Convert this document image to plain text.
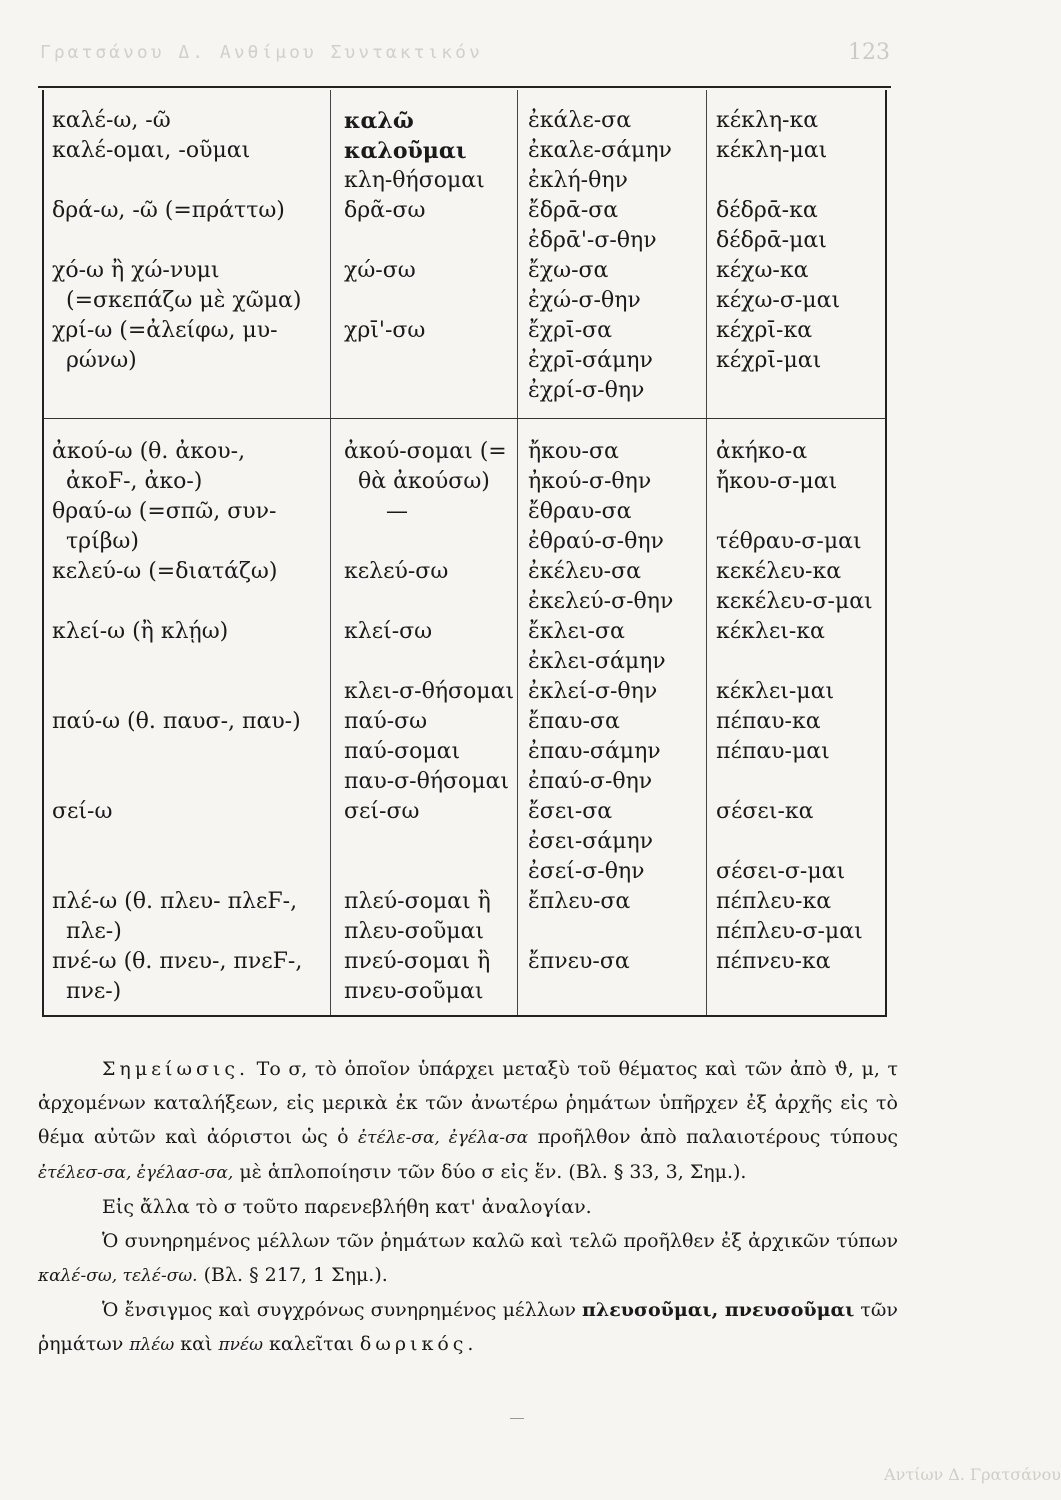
Γρατσάνου Δ. Ανθίμου Συντακτικόν	123
καλέ-ω, -ῶ
καλέ-ομαι, -οῦμαι
δρά-ω, -ῶ (=πράττω)
χό-ω ἢ χώ-νυμι
(=σκεπάζω μὲ χῶμα)
χρί-ω (=ἀλείφω, μυ-
ρώνω)
καλῶ
καλοῦμαι
κλη-θήσομαι
δρᾶ-σω
χώ-σω
χρῑ'-σω
ἐκάλε-σα
ἐκαλε-σάμην
ἐκλή-θην
ἔδρᾱ-σα
ἐδρᾱ'-σ-θην
ἔχω-σα
ἐχώ-σ-θην
ἔχρῑ-σα
ἐχρῑ-σάμην
ἐχρί-σ-θην
κέκλη-κα
κέκλη-μαι
δέδρᾱ-κα
δέδρᾱ-μαι
κέχω-κα
κέχω-σ-μαι
κέχρῑ-κα
κέχρῑ-μαι
ἀκού-ω (θ. ἀκου-,
ἀκοϜ-, ἀκο-)
θραύ-ω (=σπῶ, συν-
τρίβω)
κελεύ-ω (=διατάζω)
κλεί-ω (ἢ κλῄω)
παύ-ω (θ. παυσ-, παυ-)
σεί-ω
πλέ-ω (θ. πλευ- πλεϜ-,
πλε-)
πνέ-ω (θ. πνευ-, πνεϜ-,
πνε-)
ἀκού-σομαι (=
θὰ ἀκούσω)
—
κελεύ-σω
κλεί-σω
κλει-σ-θήσομαι
παύ-σω
παύ-σομαι
παυ-σ-θήσομαι
σεί-σω
πλεύ-σομαι ἢ
πλευ-σοῦμαι
πνεύ-σομαι ἢ
πνευ-σοῦμαι
ἤκου-σα
ἠκού-σ-θην
ἔθραυ-σα
ἐθραύ-σ-θην
ἐκέλευ-σα
ἐκελεύ-σ-θην
ἔκλει-σα
ἐκλει-σάμην
ἐκλεί-σ-θην
ἔπαυ-σα
ἐπαυ-σάμην
ἐπαύ-σ-θην
ἔσει-σα
ἐσει-σάμην
ἐσεί-σ-θην
ἔπλευ-σα
ἔπνευ-σα
ἀκήκο-α
ἤκου-σ-μαι
τέθραυ-σ-μαι
κεκέλευ-κα
κεκέλευ-σ-μαι
κέκλει-κα
κέκλει-μαι
πέπαυ-κα
πέπαυ-μαι
σέσει-κα
σέσει-σ-μαι
πέπλευ-κα
πέπλευ-σ-μαι
πέπνευ-κα

Σημείωσις. Το σ, τὸ ὁποῖον ὑπάρχει μεταξὺ τοῦ θέματος καὶ τῶν ἀπὸ ϑ, μ, τ ἀρχομένων καταλήξεων, εἰς μερικὰ ἐκ τῶν ἀνωτέρω ῥημάτων ὑπῆρχεν ἐξ ἀρχῆς εἰς τὸ θέμα αὐτῶν καὶ ἀόριστοι ὡς ὁ ἐτέλε-σα, ἐγέλα-σα προῆλθον ἀπὸ παλαιοτέρους τύπους ἐτέλεσ-σα, ἐγέλασ-σα, μὲ ἁπλοποίησιν τῶν δύο σ εἰς ἕν. (Βλ. § 33, 3, Σημ.).

Εἰς ἄλλα τὸ σ τοῦτο παρενεβλήθη κατ' ἀναλογίαν.

Ὁ συνηρημένος μέλλων τῶν ῥημάτων καλῶ καὶ τελῶ προῆλθεν ἐξ ἀρχικῶν τύπων καλέ-σω, τελέ-σω. (Βλ. § 217, 1 Σημ.).

Ὁ ἔνσιγμος καὶ συγχρόνως συνηρημένος μέλλων πλευσοῦμαι, πνευσοῦμαι τῶν ῥημάτων πλέω καὶ πνέω καλεῖται δωρικός.

Αντίων Δ. Γρατσάνου
